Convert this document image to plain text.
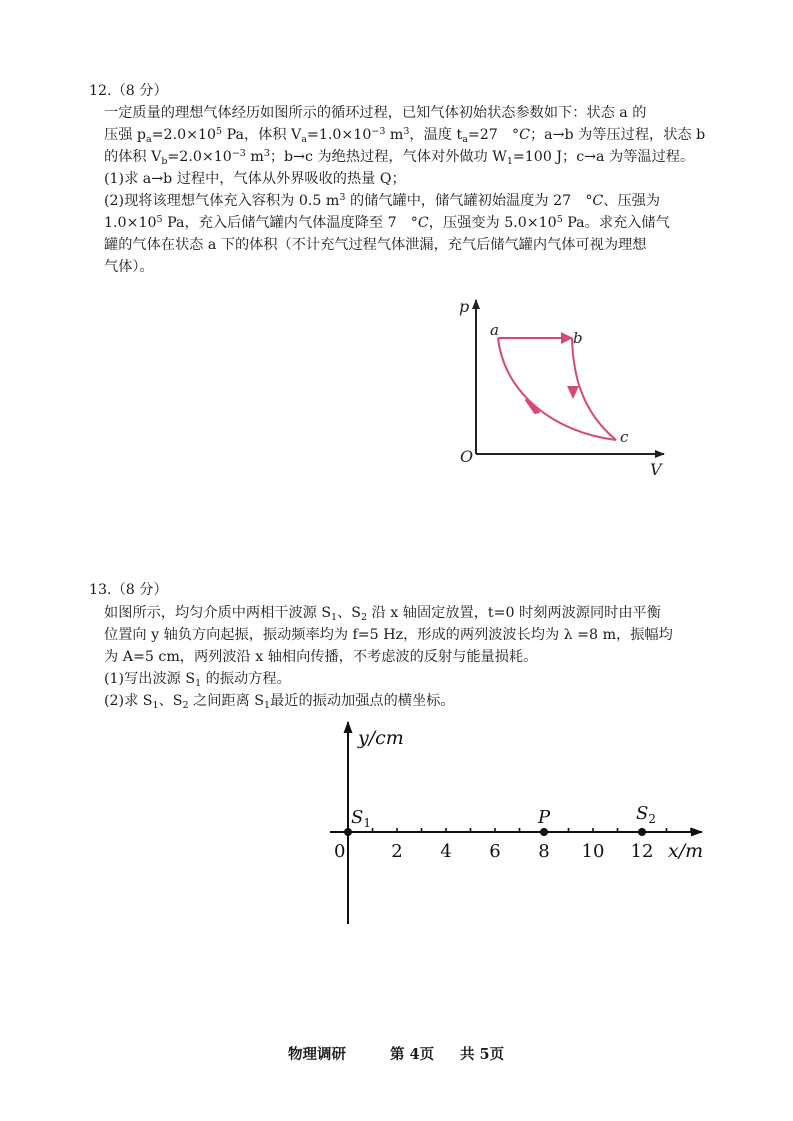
12.（8 分）
一定质量的理想气体经历如图所示的循环过程，已知气体初始状态参数如下：状态 a 的
压强 $p_a=2.0\times 10^5$ Pa，体积 $V_a=1.0\times 10^{-3}$ $m^3$，温度 $t_a=27$　°C；a→b 为等压过程，状态 b
的体积 $V_b=2.0\times 10^{-3}$ $m^3$；b→c 为绝热过程，气体对外做功 $W_1=100$ J；c→a 为等温过程。
(1)求 a→b 过程中，气体从外界吸收的热量 Q；
(2)现将该理想气体充入容积为 0.5 $m^3$ 的储气罐中，储气罐初始温度为 27　°C、压强为
$1.0\times 10^5$ Pa，充入后储气罐内气体温度降至 7　°C，压强变为 $5.0\times 10^5$ Pa。求充入储气
罐的气体在状态 a 下的体积（不计充气过程气体泄漏，充气后储气罐内气体可视为理想
气体）。
p
V
O
a	b
c
13.（8 分）
如图所示，均匀介质中两相干波源 $S_1$、$S_2$ 沿 x 轴固定放置，t=0 时刻两波源同时由平衡
位置向 y 轴负方向起振，振动频率均为 f=5 Hz，形成的两列波波长均为 λ =8 m，振幅均
为 A=5 cm，两列波沿 x 轴相向传播，不考虑波的反射与能量损耗。
(1)写出波源 $S_1$ 的振动方程。
(2)求 $S_1$、$S_2$ 之间距离 $S_1$最近的振动加强点的横坐标。
0	2 4 6 8 10 12
y/cm
x/m
$S_1$	P	$S_2$
物理调研	第 4页 共 5页
